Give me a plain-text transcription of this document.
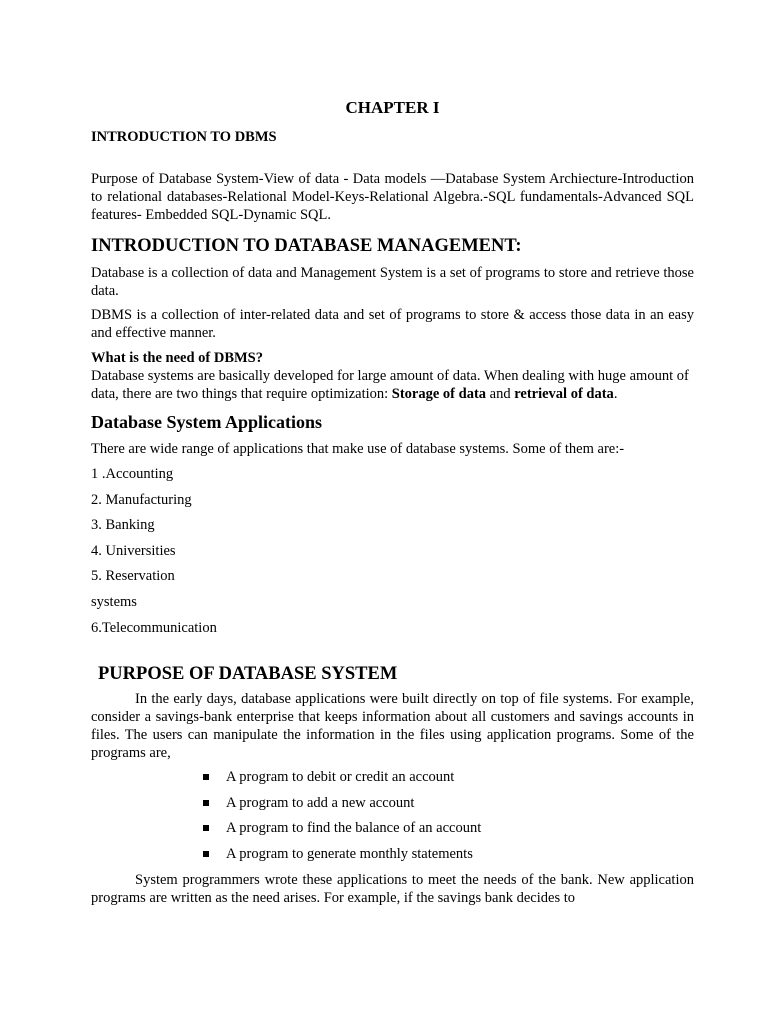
CHAPTER I
INTRODUCTION TO DBMS

Purpose of Database System-View of data - Data models —Database System Archiecture-Introduction to relational databases-Relational Model-Keys-Relational Algebra.-SQL fundamentals-Advanced SQL features- Embedded SQL-Dynamic SQL.

INTRODUCTION TO DATABASE MANAGEMENT:

Database is a collection of data and Management System is a set of programs to store and retrieve those data.

DBMS is a collection of inter-related data and set of programs to store & access those data in an easy and effective manner.

What is the need of DBMS?

Database systems are basically developed for large amount of data. When dealing with huge amount of data, there are two things that require optimization: Storage of data and retrieval of data.

Database System Applications

There are wide range of applications that make use of database systems. Some of them are:-

1 .Accounting
2. Manufacturing
3. Banking
4. Universities
5. Reservation
systems
6.Telecommunication
PURPOSE OF DATABASE SYSTEM

In the early days, database applications were built directly on top of file systems. For example, consider a savings-bank enterprise that keeps information about all customers and savings accounts in files. The users can manipulate the information in the files using application programs. Some of the programs are,

A program to debit or credit an account
A program to add a new account
A program to find the balance of an account
A program to generate monthly statements

System programmers wrote these applications to meet the needs of the bank. New application programs are written as the need arises. For example, if the savings bank decides to
